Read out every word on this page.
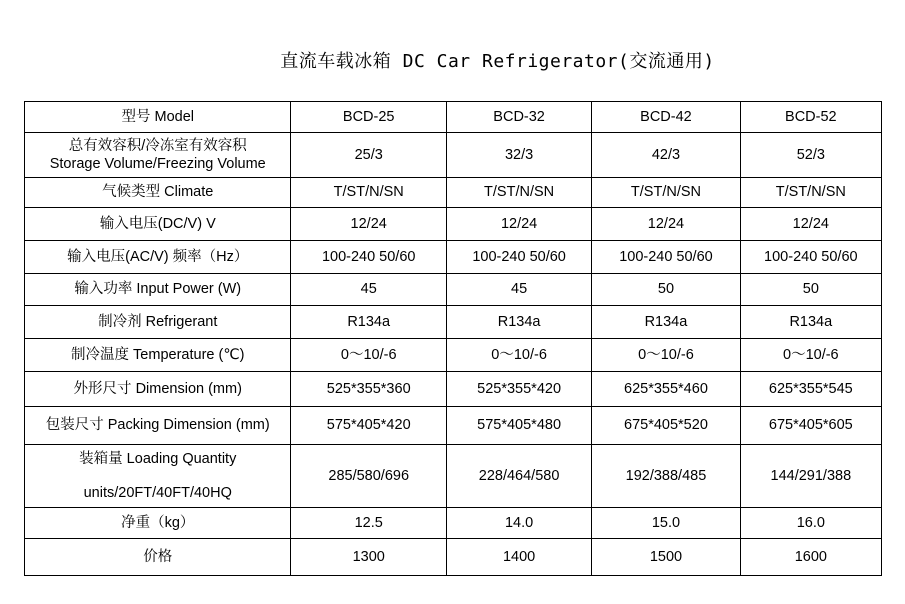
直流车载冰箱 DC Car Refrigerator(交流通用)
型号 Model	BCD-25	BCD-32	BCD-42	BCD-52

总有效容积/冷冻室有效容积
Storage Volume/Freezing Volume	25/3	32/3	42/3	52/3
气候类型 Climate	T/ST/N/SN	T/ST/N/SN	T/ST/N/SN	T/ST/N/SN
输入电压(DC/V) V	12/24	12/24	12/24	12/24
输入电压(AC/V) 频率（Hz）	100-240 50/60	100-240 50/60	100-240 50/60	100-240 50/60
输入功率 Input Power (W)	45	45	50	50
制冷剂 Refrigerant	R134a	R134a	R134a	R134a
制冷温度 Temperature (℃)	0～10/-6	0～10/-6	0～10/-6	0～10/-6
外形尺寸 Dimension (mm)	525*355*360	525*355*420	625*355*460	625*355*545
包装尺寸 Packing Dimension (mm)	575*405*420	575*405*480	675*405*520	675*405*605

装箱量 Loading Quantity
units/20FT/40FT/40HQ	285/580/696	228/464/580	192/388/485	144/291/388
净重（kg）	12.5	14.0	15.0	16.0
价格	1300	1400	1500	1600
